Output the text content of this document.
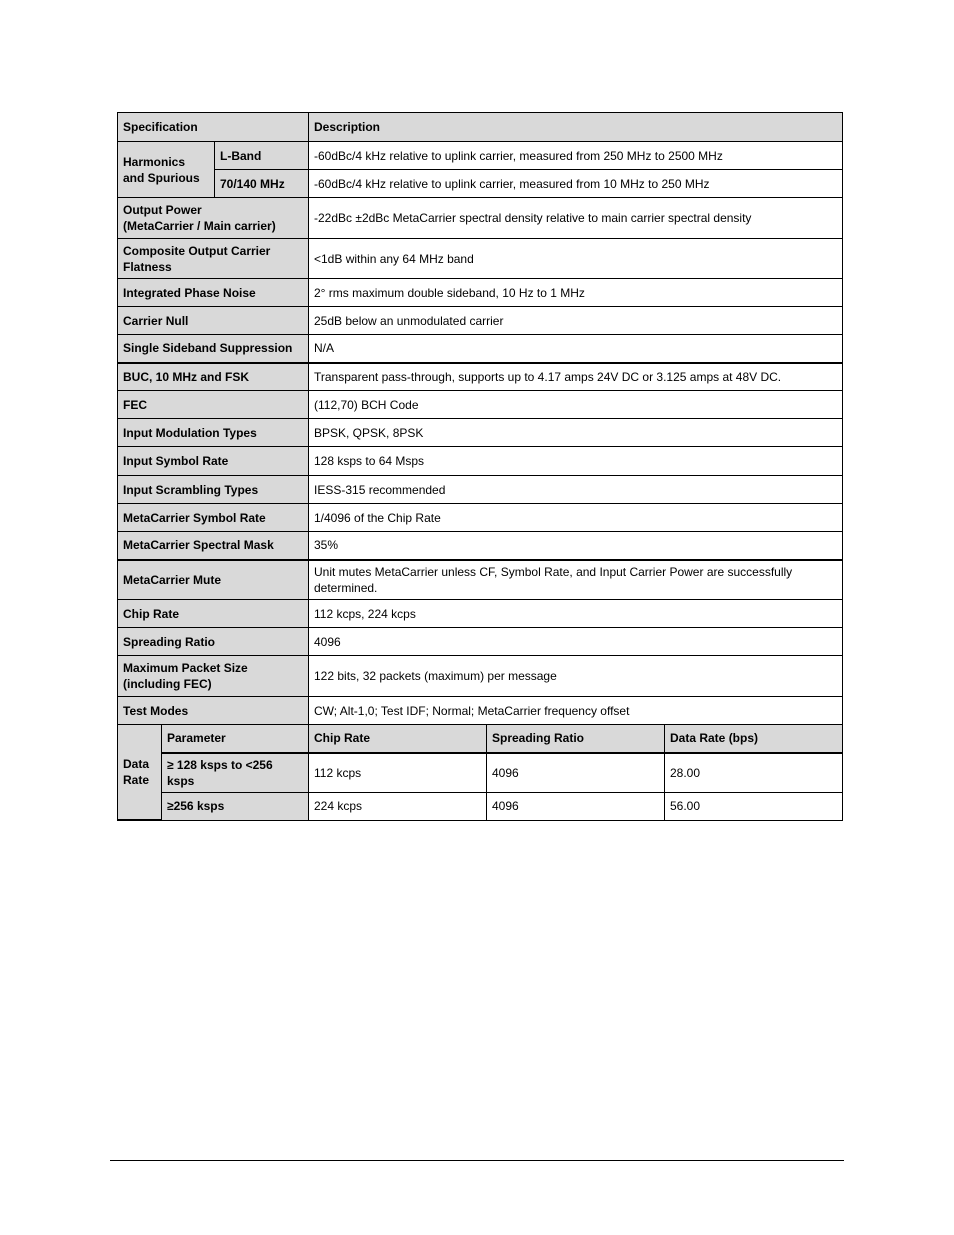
Specification			Description		
Harmonics and Spurious		L-Band	-60dBc/4 kHz relative to uplink carrier, measured from 250 MHz to 2500 MHz		
		70/140 MHz	-60dBc/4 kHz relative to uplink carrier, measured from 10 MHz to 250 MHz		
Output Power
(MetaCarrier / Main carrier)			-22dBc ±2dBc MetaCarrier spectral density relative to main carrier spectral density		
Composite Output Carrier
Flatness			<1dB within any 64 MHz band		
Integrated Phase Noise			2° rms maximum double sideband, 10 Hz to 1 MHz		
Carrier Null			25dB below an unmodulated carrier		
Single Sideband Suppression			N/A		
BUC, 10 MHz and FSK			Transparent pass-through, supports up to 4.17 amps 24V DC or 3.125 amps at 48V DC.		
FEC			(112,70) BCH Code		
Input Modulation Types			BPSK, QPSK, 8PSK		
Input Symbol Rate			128 ksps to 64 Msps		
Input Scrambling Types			IESS-315 recommended		
MetaCarrier Symbol Rate			1/4096 of the Chip Rate		
MetaCarrier Spectral Mask			35%		
MetaCarrier Mute			Unit mutes MetaCarrier unless CF, Symbol Rate, and Input Carrier Power are successfully determined.		
Chip Rate			112 kcps, 224 kcps		
Spreading Ratio			4096		
Maximum Packet Size
(including FEC)			122 bits, 32 packets (maximum) per message		
Test Modes			CW; Alt-1,0; Test IDF; Normal; MetaCarrier frequency offset		
Data
Rate	Parameter		Chip Rate	Spreading Ratio	Data Rate (bps)
	≥ 128 ksps to <256 ksps		112 kcps	4096	28.00
	≥256 ksps		224 kcps	4096	56.00
